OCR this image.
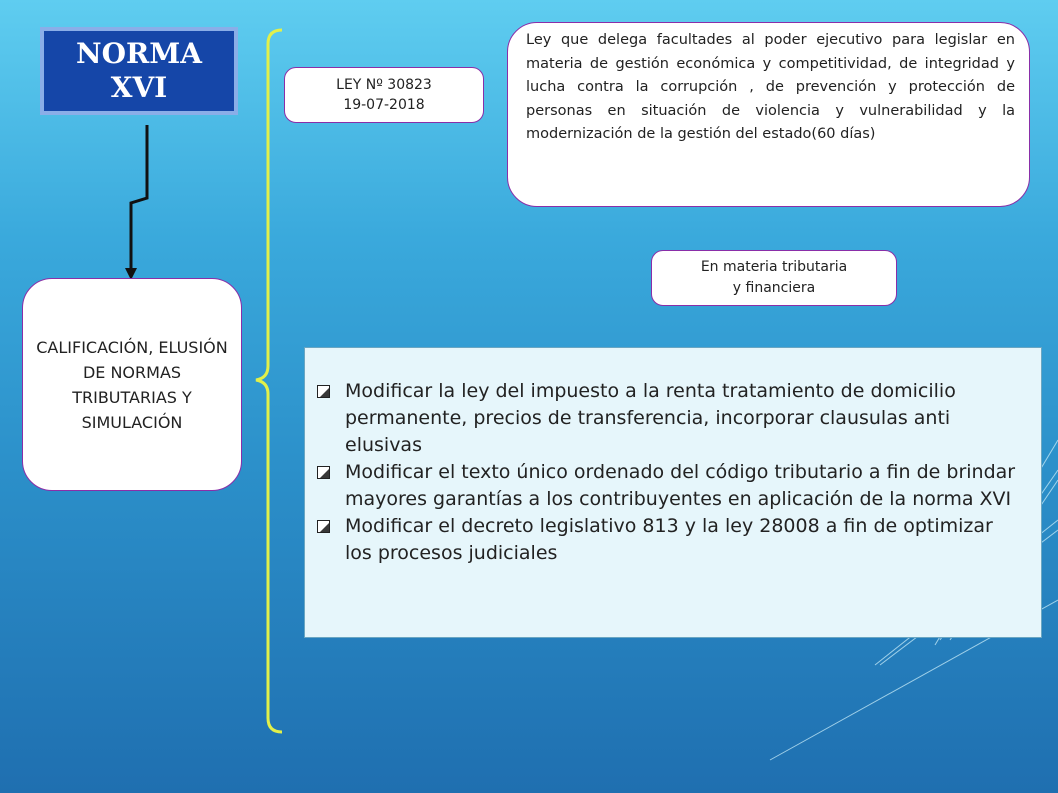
NORMA
XVI
CALIFICACIÓN, ELUSIÓN DE NORMAS TRIBUTARIAS Y SIMULACIÓN
LEY Nº 30823
19-07-2018
Ley que delega facultades al poder ejecutivo para legislar en materia de gestión económica y competitividad, de integridad y lucha contra la corrupción , de prevención y protección de personas en situación de violencia y vulnerabilidad y la modernización de la gestión del estado(60 días)
En materia tributaria
y financiera
Modificar la ley del impuesto a la renta tratamiento de domicilio permanente, precios de transferencia, incorporar clausulas anti elusivas
Modificar el texto único ordenado del código tributario a fin de brindar mayores garantías a los contribuyentes en aplicación de la norma XVI
Modificar el decreto legislativo 813 y la ley 28008 a fin de optimizar los procesos judiciales
